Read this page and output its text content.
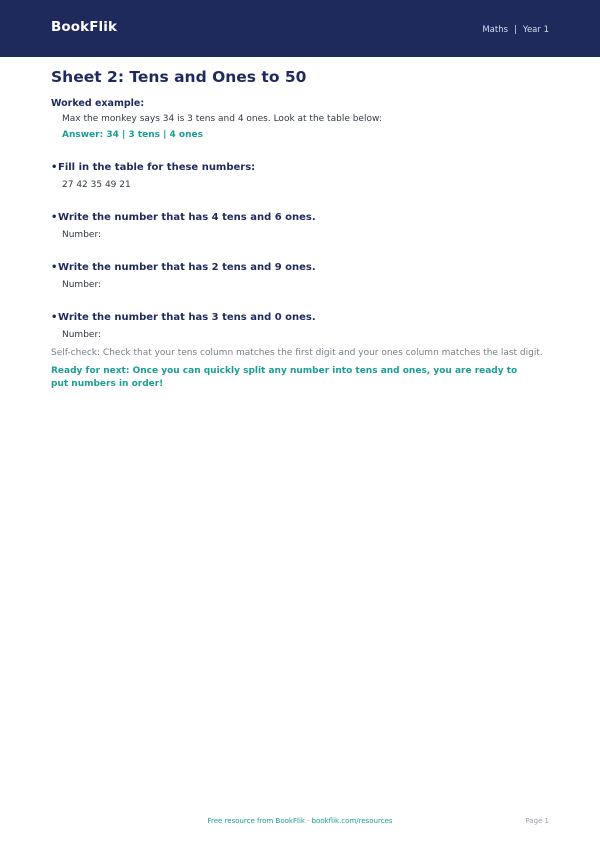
BookFlik	Maths | Year 1
Sheet 2: Tens and Ones to 50
Worked example:
Max the monkey says 34 is 3 tens and 4 ones. Look at the table below:
Answer: 34 | 3 tens | 4 ones
• Fill in the table for these numbers:
27 42 35 49 21
• Write the number that has 4 tens and 6 ones.
Number:
• Write the number that has 2 tens and 9 ones.
Number:
• Write the number that has 3 tens and 0 ones.
Number:
Self-check: Check that your tens column matches the first digit and your ones column matches the last digit.
Ready for next: Once you can quickly split any number into tens and ones, you are ready to put numbers in order!
Free resource from BookFlik · bookflik.com/resources	Page 1
